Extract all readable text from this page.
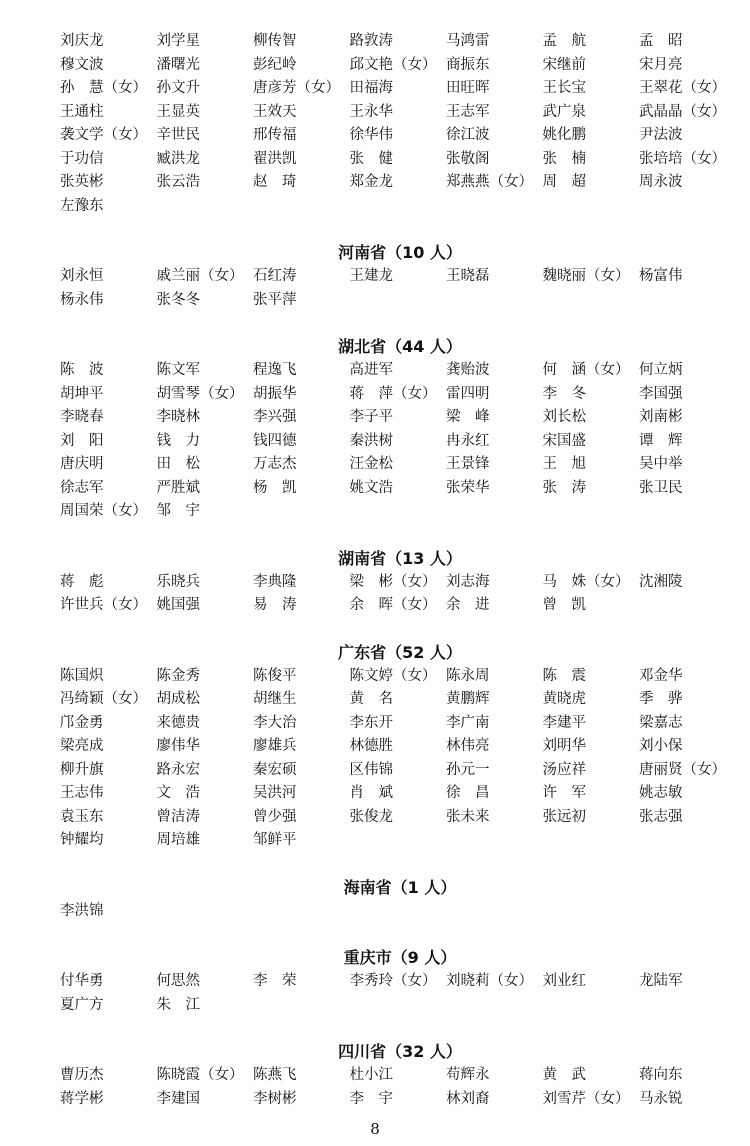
刘庆龙	刘学星	柳传智	路敦涛	马鸿雷	孟　航	孟　昭
穆文波	潘曙光	彭纪岭	邱文艳（女） 商振东	宋继前	宋月亮
孙　慧（女） 孙文升	唐彦芳（女） 田福海	田旺晖	王长宝	王翠花（女）
王通柱	王显英	王效天	王永华	王志军	武广泉	武晶晶（女）
袭文学（女） 辛世民	邢传福	徐华伟	徐江波	姚化鹏	尹法波
于功信	臧洪龙	翟洪凯	张　健	张敬阁	张　楠	张培培（女）
张英彬	张云浩	赵　琦	郑金龙	郑燕燕（女） 周　超	周永波
左豫东
河南省（10 人）
刘永恒	戚兰丽（女） 石红涛	王建龙	王晓磊	魏晓丽（女） 杨富伟
杨永伟	张冬冬	张平萍
湖北省（44 人）
陈　波	陈文军	程逸飞	高进军	龚贻波	何　涵（女） 何立炳
胡坤平	胡雪琴（女） 胡振华	蒋　萍（女） 雷四明	李　冬	李国强
李晓春	李晓林	李兴强	李子平	梁　峰	刘长松	刘南彬
刘　阳	钱　力	钱四德	秦洪树	冉永红	宋国盛	谭　辉
唐庆明	田　松	万志杰	汪金松	王景锋	王　旭	吴中举
徐志军	严胜斌	杨　凯	姚文浩	张荣华	张　涛	张卫民
周国荣（女） 邹　宇
湖南省（13 人）
蒋　彪	乐晓兵	李典隆	梁　彬（女） 刘志海	马　姝（女） 沈湘陵
许世兵（女） 姚国强	易　涛	余　晖（女） 余　进	曾　凯
广东省（52 人）
陈国炽	陈金秀	陈俊平	陈文婷（女） 陈永周	陈　震	邓金华
冯绮颖（女） 胡成松	胡继生	黄　名	黄鹏辉	黄晓虎	季　骅
邝金勇	来德贵	李大治	李东开	李广南	李建平	梁嘉志
梁亮成	廖伟华	廖雄兵	林德胜	林伟亮	刘明华	刘小保
柳升旗	路永宏	秦宏硕	区伟锦	孙元一	汤应祥	唐丽贤（女）
王志伟	文　浩	吴洪河	肖　斌	徐　昌	许　军	姚志敏
袁玉东	曾洁涛	曾少强	张俊龙	张未来	张远初	张志强
钟耀均	周培雄	邹鲜平
海南省（1 人）
李洪锦
重庆市（9 人）
付华勇	何思然	李　荣	李秀玲（女） 刘晓莉（女） 刘业红	龙陆军
夏广方	朱　江
四川省（32 人）
曹历杰	陈晓霞（女） 陈燕飞	杜小江	苟辉永	黄　武	蒋向东
蒋学彬	李建国	李树彬	李　宇	林刘裔	刘雪芹（女） 马永锐
8
